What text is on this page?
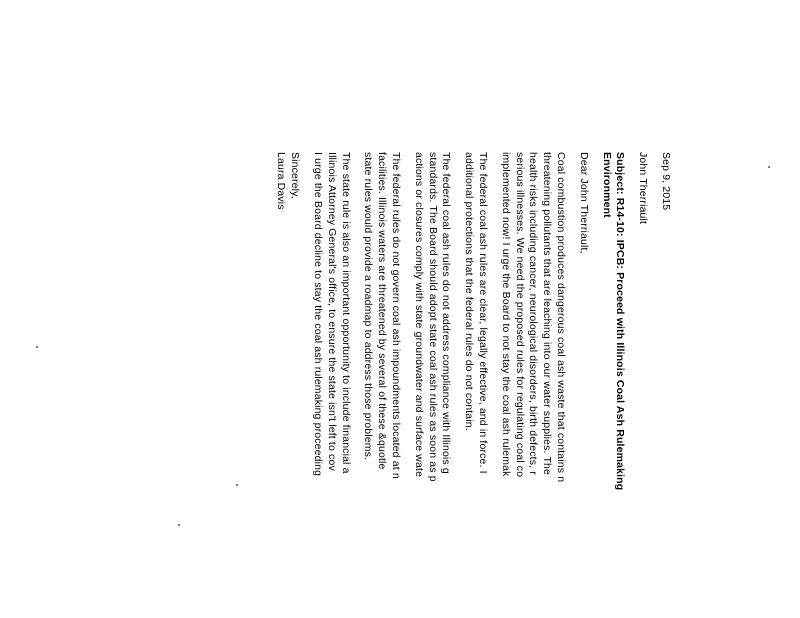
Sep 9, 2015
John Therriault
Subject: R14-10: IPCB: Proceed with Illinois Coal Ash Rulemaking
Environment
Dear John Therriault,
Coal combustion produces dangerous coal ash waste that contains n
threatening pollutants that are leaching into our water supplies. The
health risks including cancer, neurological disorders, birth defects, r
serious illnesses. We need the proposed rules for regulating coal co
implemented now! I urge the Board to not stay the coal ash rulemak
The federal coal ash rules are clear, legally effective, and in force. I
additional protections that the federal rules do not contain.
The federal coal ash rules do not address compliance with Illinois g
standards. The Board should adopt state coal ash rules as soon as p
actions or closures comply with state groundwater and surface wate
The federal rules do not govern coal ash impoundments located at n
facilities. Illinois waters are threatened by several of these &quotle
state rules would provide a roadmap to address those problems.
The state rule is also an important opportunity to include financial a
Illinois Attorney General's office, to ensure the state isn't left to cov
I urge the Board decline to stay the coal ash rulemaking proceeding
Sincerely,
Laura Davis
